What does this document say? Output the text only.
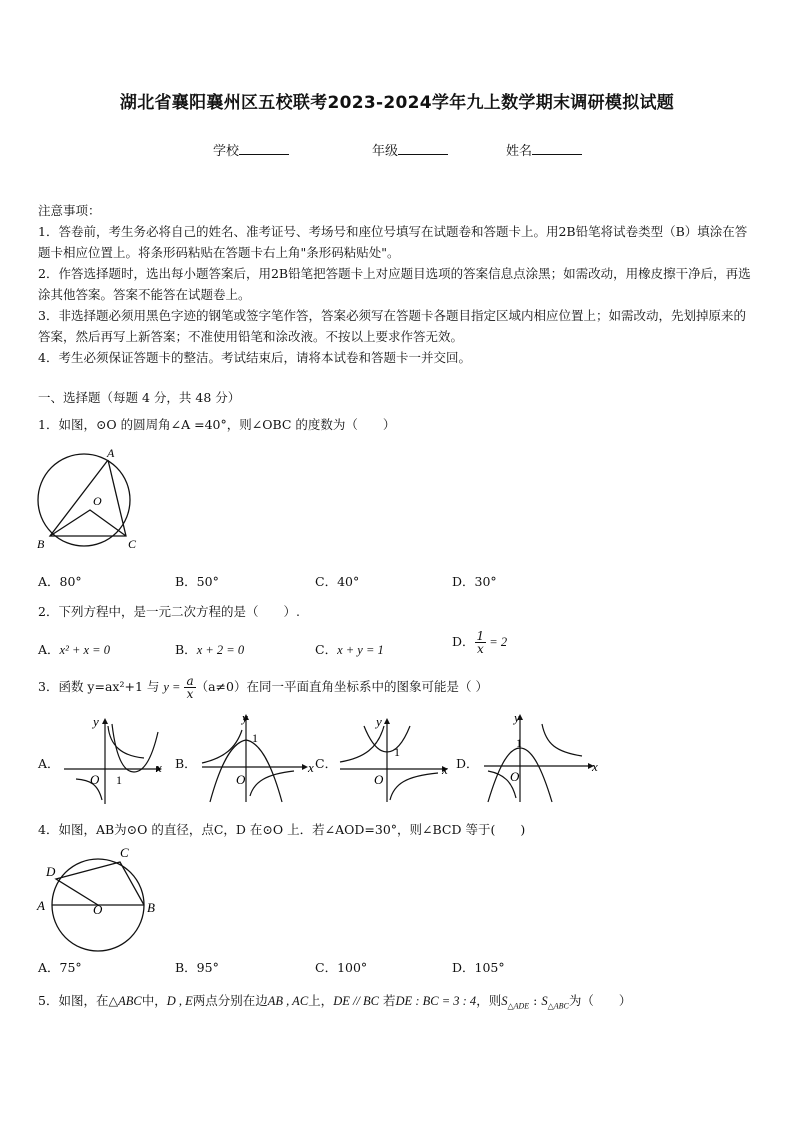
湖北省襄阳襄州区五校联考2023-2024学年九上数学期末调研模拟试题
学校	年级	姓名
注意事项：
1．答卷前，考生务必将自己的姓名、准考证号、考场号和座位号填写在试题卷和答题卡上。用2B铅笔将试卷类型（B）填涂在答题卡相应位置上。将条形码粘贴在答题卡右上角"条形码粘贴处"。
2．作答选择题时，选出每小题答案后，用2B铅笔把答题卡上对应题目选项的答案信息点涂黑；如需改动，用橡皮擦干净后，再选涂其他答案。答案不能答在试题卷上。
3．非选择题必须用黑色字迹的钢笔或签字笔作答，答案必须写在答题卡各题目指定区域内相应位置上；如需改动，先划掉原来的答案，然后再写上新答案；不准使用铅笔和涂改液。不按以上要求作答无效。
4．考生必须保证答题卡的整洁。考试结束后，请将本试卷和答题卡一并交回。
一、选择题（每题 4 分，共 48 分）
1．如图，⊙O 的圆周角∠A =40°，则∠OBC 的度数为（　　）
A
O
B	C
A．80°	B．50°	C．40°	D．30°
2．下列方程中，是一元二次方程的是（　　）.
A．x² + x = 0	B．x + 2 = 0	C．x + y = 1
D． $\frac{1}{x} = 2$
3．函数 y=ax²+1 与 $y = \frac{a}{x} (a\ne 0)$在同一平面直角坐标系中的图象可能是（ ）
A．	x
y
O 1
B．	x
y
O
1
C．	x
y
O
1
D．	x
y
O
1
4．如图，AB为⊙O 的直径，点C，D 在⊙O 上．若∠AOD=30°，则∠BCD 等于(　　)
C
D
A	O	B
A．75°	B．95°	C．100°	D．105°
5．如图，在△ABC中，D , E两点分别在边AB , AC上，DE // BC 若DE : BC = 3 : 4，则$S_{\triangle ADE}$ : $S_{\triangle ABC}$为（　　）
